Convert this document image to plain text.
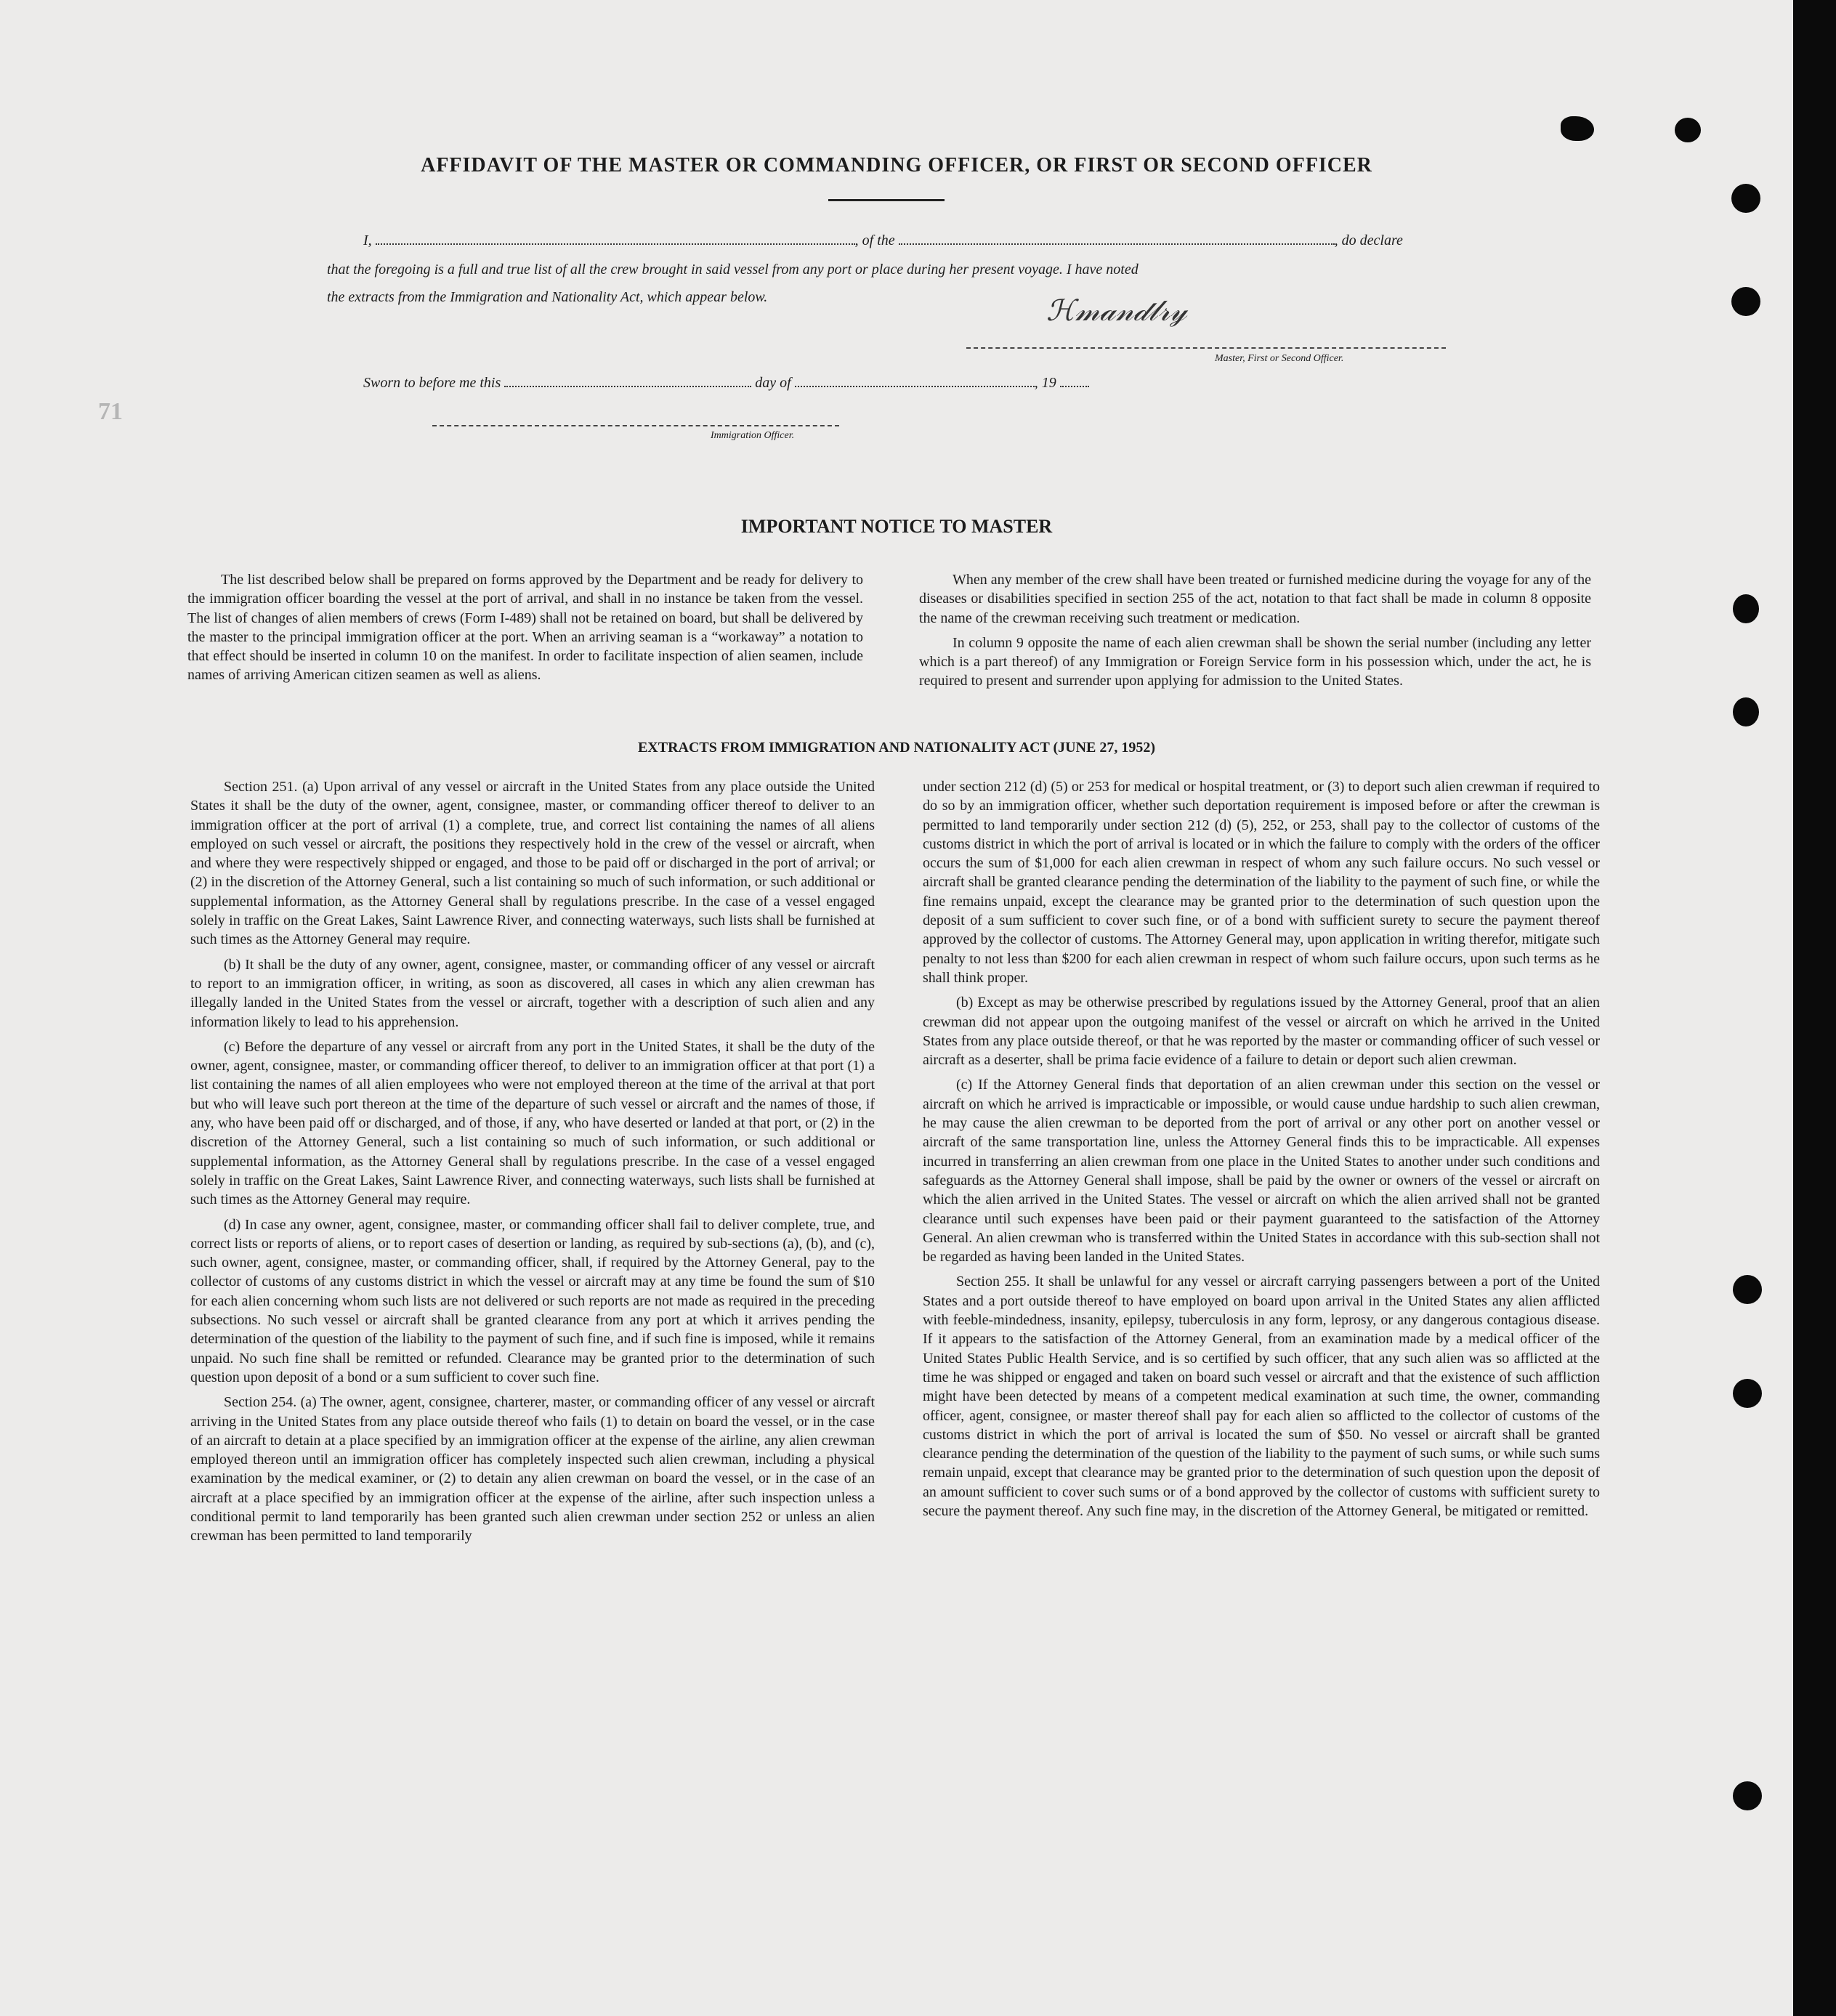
AFFIDAVIT OF THE MASTER OR COMMANDING OFFICER, OR FIRST OR SECOND OFFICER
I,	, of the	, do declare
that the foregoing is a full and true list of all the crew brought in said vessel from any port or place during her present voyage. I have noted
the extracts from the Immigration and Nationality Act, which appear below.	ℋ𝓂𝒶𝓃𝒹𝓁𝓇𝓎
Master, First or Second Officer.
Sworn to before me this	day of	, 19
Immigration Officer.
71
IMPORTANT NOTICE TO MASTER

The list described below shall be prepared on forms approved by the Department and be ready for delivery to the immigration officer boarding the vessel at the port of arrival, and shall in no instance be taken from the vessel. The list of changes of alien members of crews (Form I-489) shall not be retained on board, but shall be delivered by the master to the principal immigration officer at the port. When an arriving seaman is a “workaway” a notation to that effect should be inserted in column 10 on the manifest. In order to facilitate inspection of alien seamen, include names of arriving American citizen seamen as well as aliens.

When any member of the crew shall have been treated or furnished medicine during the voyage for any of the diseases or disabilities specified in section 255 of the act, notation to that fact shall be made in column 8 opposite the name of the crewman receiving such treatment or medication.

In column 9 opposite the name of each alien crewman shall be shown the serial number (including any letter which is a part thereof) of any Immigration or Foreign Service form in his possession which, under the act, he is required to present and surrender upon applying for admission to the United States.

EXTRACTS FROM IMMIGRATION AND NATIONALITY ACT (JUNE 27, 1952)

Section 251. (a) Upon arrival of any vessel or aircraft in the United States from any place outside the United States it shall be the duty of the owner, agent, consignee, master, or commanding officer thereof to deliver to an immigration officer at the port of arrival (1) a complete, true, and correct list containing the names of all aliens employed on such vessel or aircraft, the positions they respectively hold in the crew of the vessel or aircraft, when and where they were respectively shipped or engaged, and those to be paid off or discharged in the port of arrival; or (2) in the discretion of the Attorney General, such a list containing so much of such information, or such additional or supplemental information, as the Attorney General shall by regulations prescribe. In the case of a vessel engaged solely in traffic on the Great Lakes, Saint Lawrence River, and connecting waterways, such lists shall be furnished at such times as the Attorney General may require.

(b) It shall be the duty of any owner, agent, consignee, master, or commanding officer of any vessel or aircraft to report to an immigration officer, in writing, as soon as discovered, all cases in which any alien crewman has illegally landed in the United States from the vessel or aircraft, together with a description of such alien and any information likely to lead to his apprehension.

(c) Before the departure of any vessel or aircraft from any port in the United States, it shall be the duty of the owner, agent, consignee, master, or commanding officer thereof, to deliver to an immigration officer at that port (1) a list containing the names of all alien employees who were not employed thereon at the time of the arrival at that port but who will leave such port thereon at the time of the departure of such vessel or aircraft and the names of those, if any, who have been paid off or discharged, and of those, if any, who have deserted or landed at that port, or (2) in the discretion of the Attorney General, such a list containing so much of such information, or such additional or supplemental information, as the Attorney General shall by regulations prescribe. In the case of a vessel engaged solely in traffic on the Great Lakes, Saint Lawrence River, and connecting waterways, such lists shall be furnished at such times as the Attorney General may require.

(d) In case any owner, agent, consignee, master, or commanding officer shall fail to deliver complete, true, and correct lists or reports of aliens, or to report cases of desertion or landing, as required by sub-sections (a), (b), and (c), such owner, agent, consignee, master, or commanding officer, shall, if required by the Attorney General, pay to the collector of customs of any customs district in which the vessel or aircraft may at any time be found the sum of $10 for each alien concerning whom such lists are not delivered or such reports are not made as required in the preceding subsections. No such vessel or aircraft shall be granted clearance from any port at which it arrives pending the determination of the question of the liability to the payment of such fine, and if such fine is imposed, while it remains unpaid. No such fine shall be remitted or refunded. Clearance may be granted prior to the determination of such question upon deposit of a bond or a sum sufficient to cover such fine.

Section 254. (a) The owner, agent, consignee, charterer, master, or commanding officer of any vessel or aircraft arriving in the United States from any place outside thereof who fails (1) to detain on board the vessel, or in the case of an aircraft to detain at a place specified by an immigration officer at the expense of the airline, any alien crewman employed thereon until an immigration officer has completely inspected such alien crewman, including a physical examination by the medical examiner, or (2) to detain any alien crewman on board the vessel, or in the case of an aircraft at a place specified by an immigration officer at the expense of the airline, after such inspection unless a conditional permit to land temporarily has been granted such alien crewman under section 252 or unless an alien crewman has been permitted to land temporarily

under section 212 (d) (5) or 253 for medical or hospital treatment, or (3) to deport such alien crewman if required to do so by an immigration officer, whether such deportation requirement is imposed before or after the crewman is permitted to land temporarily under section 212 (d) (5), 252, or 253, shall pay to the collector of customs of the customs district in which the port of arrival is located or in which the failure to comply with the orders of the officer occurs the sum of $1,000 for each alien crewman in respect of whom any such failure occurs. No such vessel or aircraft shall be granted clearance pending the determination of the liability to the payment of such fine, or while the fine remains unpaid, except the clearance may be granted prior to the determination of such question upon the deposit of a sum sufficient to cover such fine, or of a bond with sufficient surety to secure the payment thereof approved by the collector of customs. The Attorney General may, upon application in writing therefor, mitigate such penalty to not less than $200 for each alien crewman in respect of whom such failure occurs, upon such terms as he shall think proper.

(b) Except as may be otherwise prescribed by regulations issued by the Attorney General, proof that an alien crewman did not appear upon the outgoing manifest of the vessel or aircraft on which he arrived in the United States from any place outside thereof, or that he was reported by the master or commanding officer of such vessel or aircraft as a deserter, shall be prima facie evidence of a failure to detain or deport such alien crewman.

(c) If the Attorney General finds that deportation of an alien crewman under this section on the vessel or aircraft on which he arrived is impracticable or impossible, or would cause undue hardship to such alien crewman, he may cause the alien crewman to be deported from the port of arrival or any other port on another vessel or aircraft of the same transportation line, unless the Attorney General finds this to be impracticable. All expenses incurred in transferring an alien crewman from one place in the United States to another under such conditions and safeguards as the Attorney General shall impose, shall be paid by the owner or owners of the vessel or aircraft on which the alien arrived in the United States. The vessel or aircraft on which the alien arrived shall not be granted clearance until such expenses have been paid or their payment guaranteed to the satisfaction of the Attorney General. An alien crewman who is transferred within the United States in accordance with this sub-section shall not be regarded as having been landed in the United States.

Section 255. It shall be unlawful for any vessel or aircraft carrying passengers between a port of the United States and a port outside thereof to have employed on board upon arrival in the United States any alien afflicted with feeble-mindedness, insanity, epilepsy, tuberculosis in any form, leprosy, or any dangerous contagious disease. If it appears to the satisfaction of the Attorney General, from an examination made by a medical officer of the United States Public Health Service, and is so certified by such officer, that any such alien was so afflicted at the time he was shipped or engaged and taken on board such vessel or aircraft and that the existence of such affliction might have been detected by means of a competent medical examination at such time, the owner, commanding officer, agent, consignee, or master thereof shall pay for each alien so afflicted to the collector of customs of the customs district in which the port of arrival is located the sum of $50. No vessel or aircraft shall be granted clearance pending the determination of the question of the liability to the payment of such sums, or while such sums remain unpaid, except that clearance may be granted prior to the determination of such question upon the deposit of an amount sufficient to cover such sums or of a bond approved by the collector of customs with sufficient surety to secure the payment thereof. Any such fine may, in the discretion of the Attorney General, be mitigated or remitted.
